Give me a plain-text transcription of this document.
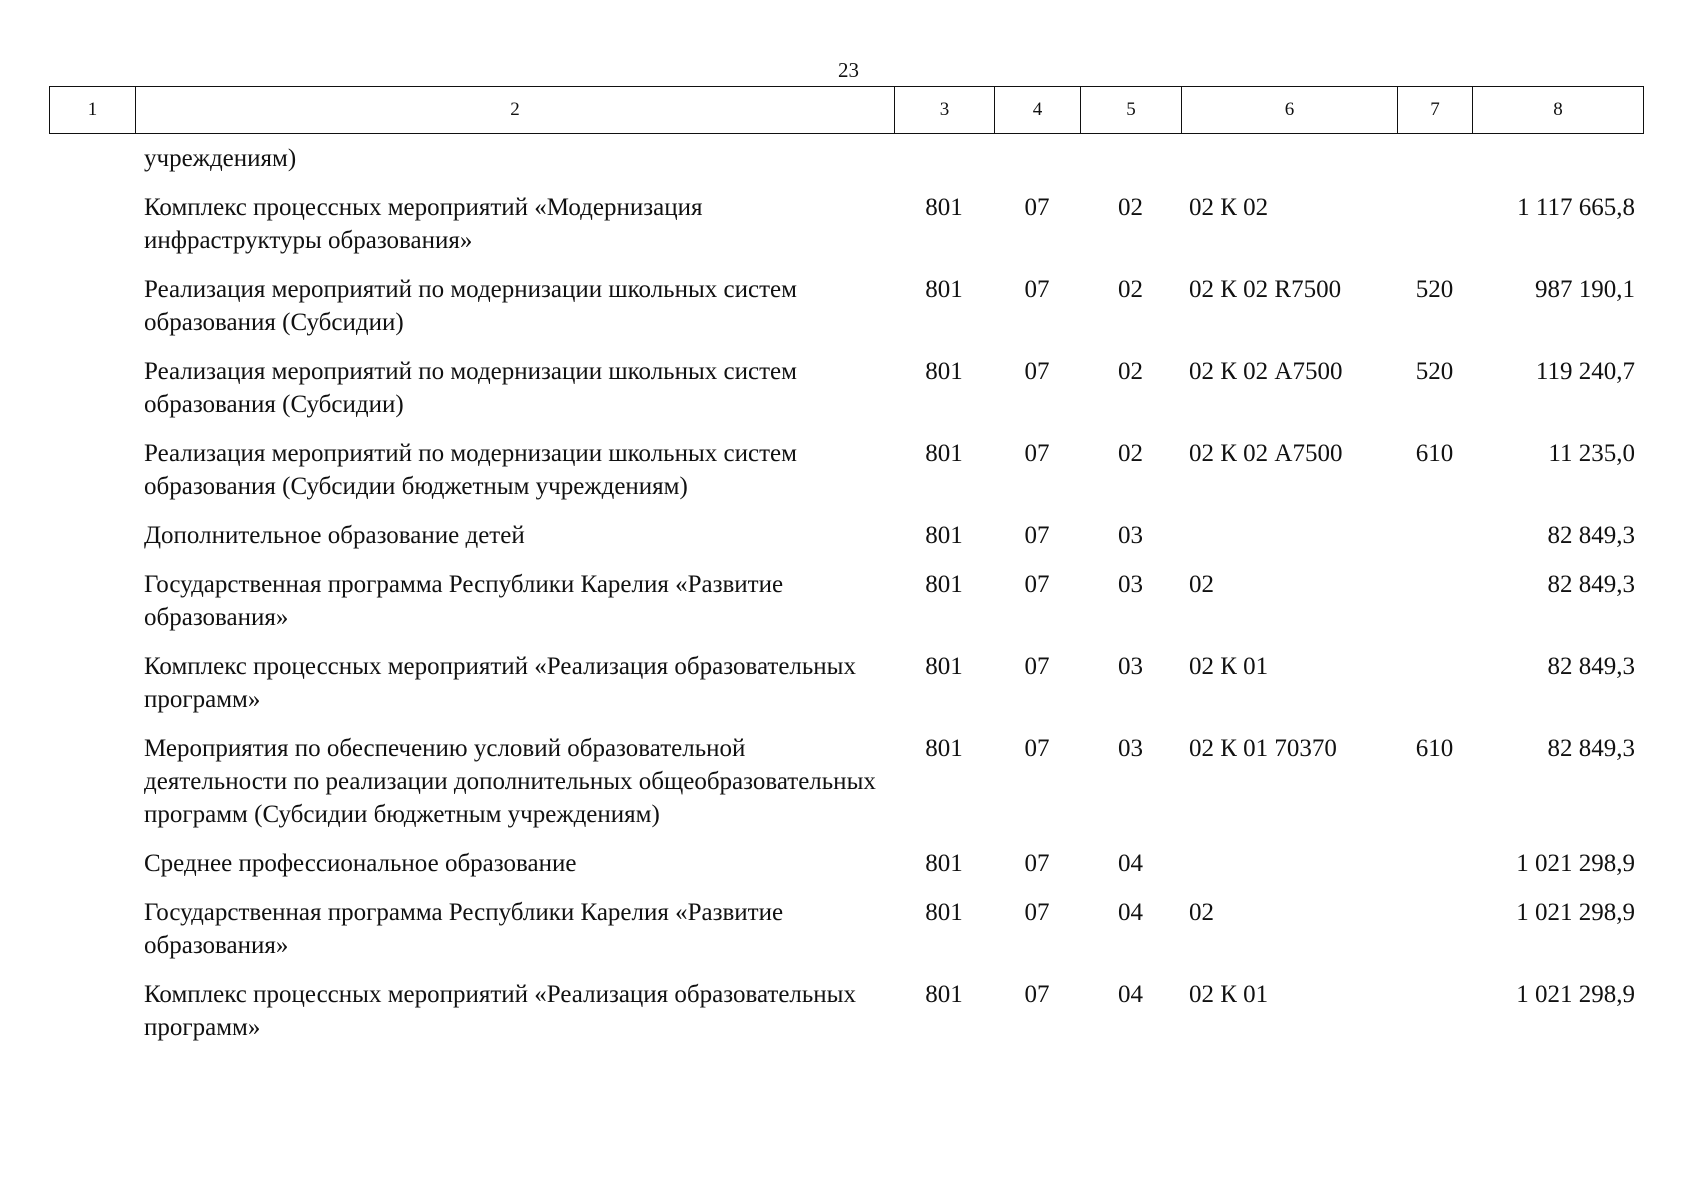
23
1	2	3	4	5	6	7	8
учреждениям)						
Комплекс процессных мероприятий «Модернизация инфраструктуры образования»	801	07	02	02 К 02		1 117 665,8
Реализация мероприятий по модернизации школьных систем образования (Субсидии)	801	07	02	02 К 02 R7500	520	987 190,1
Реализация мероприятий по модернизации школьных систем образования (Субсидии)	801	07	02	02 К 02 А7500	520	119 240,7
Реализация мероприятий по модернизации школьных систем образования (Субсидии бюджетным учреждениям)	801	07	02	02 К 02 А7500	610	11 235,0
Дополнительное образование детей	801	07	03			82 849,3
Государственная программа Республики Карелия «Развитие образования»	801	07	03	02		82 849,3
Комплекс процессных мероприятий «Реализация образовательных программ»	801	07	03	02 К 01		82 849,3
Мероприятия по обеспечению условий образовательной деятельности по реализации дополнительных общеобразовательных программ (Субсидии бюджетным учреждениям)	801	07	03	02 К 01 70370	610	82 849,3
Среднее профессиональное образование	801	07	04			1 021 298,9
Государственная программа Республики Карелия «Развитие образования»	801	07	04	02		1 021 298,9
Комплекс процессных мероприятий «Реализация образовательных программ»	801	07	04	02 К 01		1 021 298,9
